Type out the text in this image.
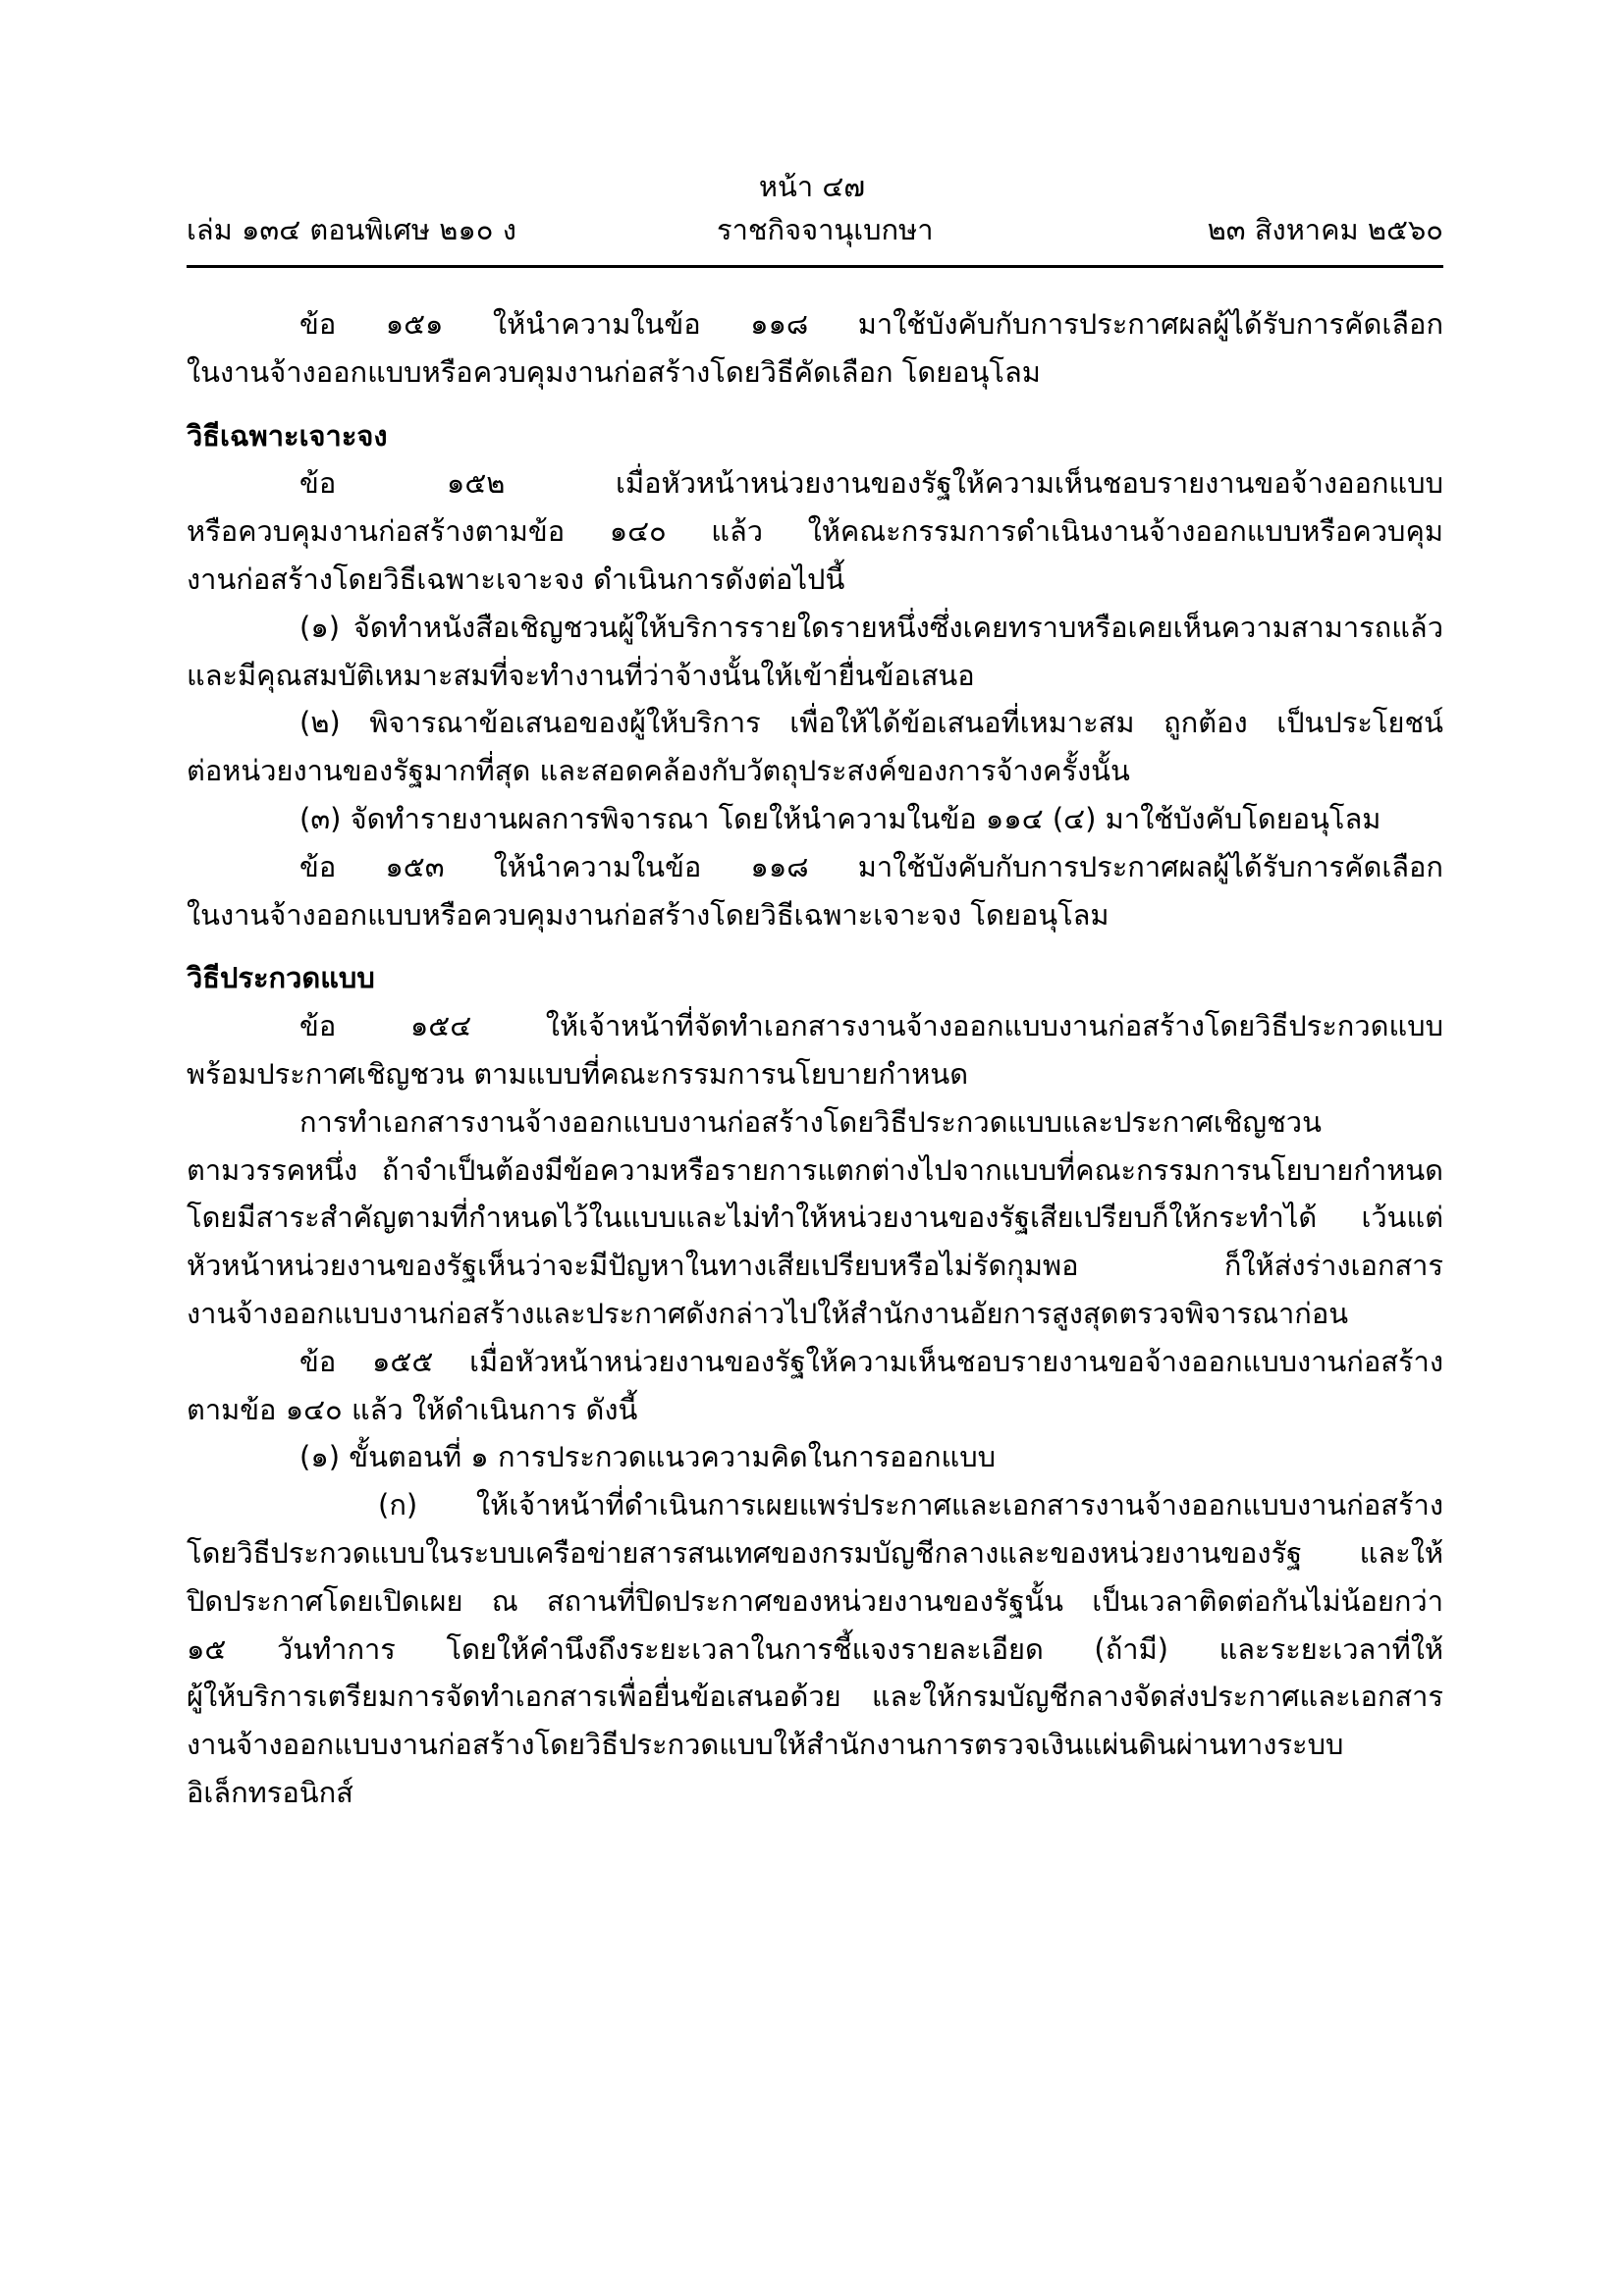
หน้า ๔๗
เล่ม ๑๓๔ ตอนพิเศษ ๒๑๐ ง	ราชกิจจานุเบกษา	๒๓ สิงหาคม ๒๕๖๐
ข้อ ๑๕๑ ให้นำความในข้อ ๑๑๘ มาใช้บังคับกับการประกาศผลผู้ได้รับการคัดเลือก
ในงานจ้างออกแบบหรือควบคุมงานก่อสร้างโดยวิธีคัดเลือก โดยอนุโลม
วิธีเฉพาะเจาะจง
ข้อ ๑๕๒ เมื่อหัวหน้าหน่วยงานของรัฐให้ความเห็นชอบรายงานขอจ้างออกแบบ
หรือควบคุมงานก่อสร้างตามข้อ ๑๔๐ แล้ว ให้คณะกรรมการดำเนินงานจ้างออกแบบหรือควบคุม
งานก่อสร้างโดยวิธีเฉพาะเจาะจง ดำเนินการดังต่อไปนี้
(๑) จัดทำหนังสือเชิญชวนผู้ให้บริการรายใดรายหนึ่งซึ่งเคยทราบหรือเคยเห็นความสามารถแล้ว
และมีคุณสมบัติเหมาะสมที่จะทำงานที่ว่าจ้างนั้นให้เข้ายื่นข้อเสนอ
(๒) พิจารณาข้อเสนอของผู้ให้บริการ เพื่อให้ได้ข้อเสนอที่เหมาะสม ถูกต้อง เป็นประโยชน์
ต่อหน่วยงานของรัฐมากที่สุด และสอดคล้องกับวัตถุประสงค์ของการจ้างครั้งนั้น
(๓) จัดทำรายงานผลการพิจารณา โดยให้นำความในข้อ ๑๑๔ (๔) มาใช้บังคับโดยอนุโลม
ข้อ ๑๕๓ ให้นำความในข้อ ๑๑๘ มาใช้บังคับกับการประกาศผลผู้ได้รับการคัดเลือก
ในงานจ้างออกแบบหรือควบคุมงานก่อสร้างโดยวิธีเฉพาะเจาะจง โดยอนุโลม
วิธีประกวดแบบ
ข้อ ๑๕๔ ให้เจ้าหน้าที่จัดทำเอกสารงานจ้างออกแบบงานก่อสร้างโดยวิธีประกวดแบบ
พร้อมประกาศเชิญชวน ตามแบบที่คณะกรรมการนโยบายกำหนด
การทำเอกสารงานจ้างออกแบบงานก่อสร้างโดยวิธีประกวดแบบและประกาศเชิญชวน
ตามวรรคหนึ่ง ถ้าจำเป็นต้องมีข้อความหรือรายการแตกต่างไปจากแบบที่คณะกรรมการนโยบายกำหนด
โดยมีสาระสำคัญตามที่กำหนดไว้ในแบบและไม่ทำให้หน่วยงานของรัฐเสียเปรียบก็ให้กระทำได้ เว้นแต่
หัวหน้าหน่วยงานของรัฐเห็นว่าจะมีปัญหาในทางเสียเปรียบหรือไม่รัดกุมพอ ก็ให้ส่งร่างเอกสาร
งานจ้างออกแบบงานก่อสร้างและประกาศดังกล่าวไปให้สำนักงานอัยการสูงสุดตรวจพิจารณาก่อน
ข้อ ๑๕๕ เมื่อหัวหน้าหน่วยงานของรัฐให้ความเห็นชอบรายงานขอจ้างออกแบบงานก่อสร้าง
ตามข้อ ๑๔๐ แล้ว ให้ดำเนินการ ดังนี้
(๑) ขั้นตอนที่ ๑ การประกวดแนวความคิดในการออกแบบ
(ก) ให้เจ้าหน้าที่ดำเนินการเผยแพร่ประกาศและเอกสารงานจ้างออกแบบงานก่อสร้าง
โดยวิธีประกวดแบบในระบบเครือข่ายสารสนเทศของกรมบัญชีกลางและของหน่วยงานของรัฐ และให้
ปิดประกาศโดยเปิดเผย ณ สถานที่ปิดประกาศของหน่วยงานของรัฐนั้น เป็นเวลาติดต่อกันไม่น้อยกว่า
๑๕ วันทำการ โดยให้คำนึงถึงระยะเวลาในการชี้แจงรายละเอียด (ถ้ามี) และระยะเวลาที่ให้
ผู้ให้บริการเตรียมการจัดทำเอกสารเพื่อยื่นข้อเสนอด้วย และให้กรมบัญชีกลางจัดส่งประกาศและเอกสาร
งานจ้างออกแบบงานก่อสร้างโดยวิธีประกวดแบบให้สำนักงานการตรวจเงินแผ่นดินผ่านทางระบบ
อิเล็กทรอนิกส์
